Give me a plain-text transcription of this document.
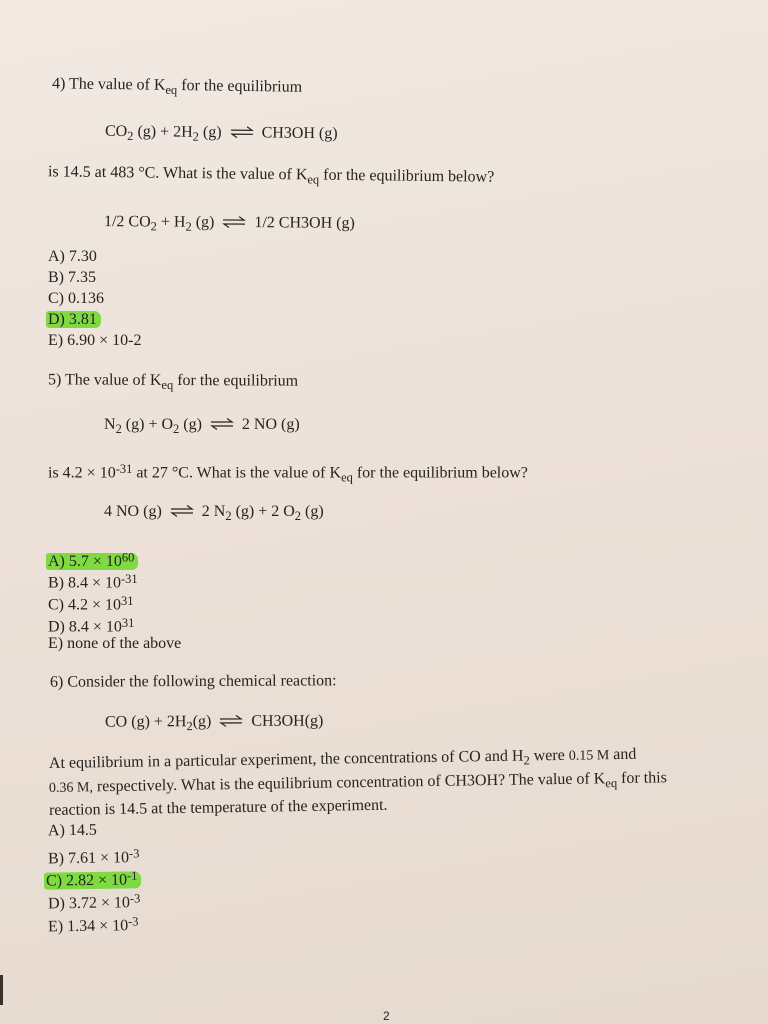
4) The value of $K_{eq}$ for the equilibrium
$CO_2$ $(g) + 2H_2$ (g) ⇌ CH3OH (g)
is 14.5 at 483 °C. What is the value of $K_{eq}$ for the equilibrium below?
1/2 $CO_2 + H_2$ (g) ⇌ 1/2 CH3OH (g)
A) 7.30
B) 7.35
C) 0.136
D) 3.81
E) 6.90 × 10-2
5) The value of $K_{eq}$ for the equilibrium
$N_2$ $(g) + O_2$ (g) ⇌ 2 NO (g)
is $4.2 \times 10^{-31}$ at 27 °C. What is the value of $K_{eq}$ for the equilibrium below?
4 NO (g) ⇌ 2 $N_2$ (g) + 2 $O_2$ (g)
A) $5.7 \times 10^{60}$
B) $8.4 \times 10^{-31}$
C) $4.2 \times 10^{31}$
D) $8.4 \times 10^{31}$
E) none of the above
6) Consider the following chemical reaction:
CO $(g) + 2H_2(g)$ ⇌ CH3OH(g)
At equilibrium in a particular experiment, the concentrations of CO and $H_2$ were 0.15 M and
0.36 M, respectively. What is the equilibrium concentration of CH3OH? The value of $K_{eq}$ for this
reaction is 14.5 at the temperature of the experiment.
A) 14.5
B) $7.61 \times 10^{-3}$
C) $2.82 \times 10^{-1}$
D) $3.72 \times 10^{-3}$
E) $1.34 \times 10^{-3}$
2
